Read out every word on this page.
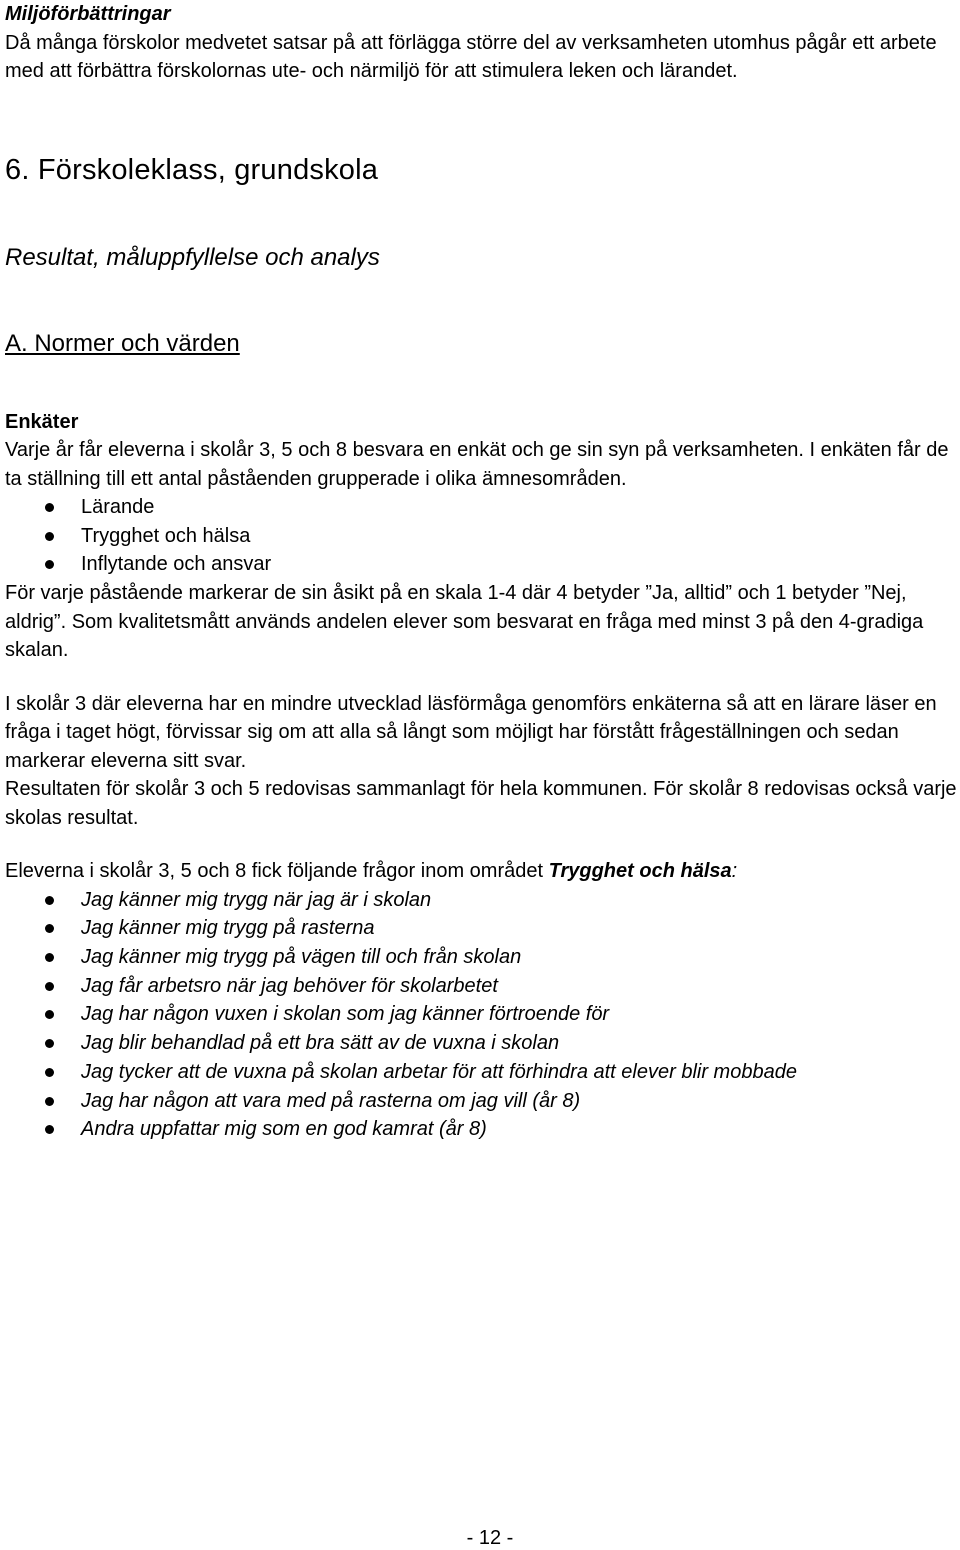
Miljöförbättringar
Då många förskolor medvetet satsar på att förlägga större del av verksamheten utomhus pågår ett arbete med att förbättra förskolornas ute- och närmiljö för att stimulera leken och lärandet.
6. Förskoleklass, grundskola
Resultat, måluppfyllelse och analys
A. Normer och värden
Enkäter
Varje år får eleverna i skolår 3, 5 och 8 besvara en enkät och ge sin syn på verksamheten. I enkäten får de ta ställning till ett antal påståenden grupperade i olika ämnesområden.
Lärande
Trygghet och hälsa
Inflytande och ansvar
För varje påstående markerar de sin åsikt på en skala 1-4 där 4 betyder ”Ja, alltid” och 1 betyder ”Nej, aldrig”. Som kvalitetsmått används andelen elever som besvarat en fråga med minst 3 på den 4-gradiga skalan.
I skolår 3 där eleverna har en mindre utvecklad läsförmåga genomförs enkäterna så att en lärare läser en fråga i taget högt, förvissar sig om att alla så långt som möjligt har förstått frågeställningen och sedan markerar eleverna sitt svar.
Resultaten för skolår 3 och 5 redovisas sammanlagt för hela kommunen. För skolår 8 redovisas också varje skolas resultat.
Eleverna i skolår 3, 5 och 8 fick följande frågor inom området Trygghet och hälsa:
Jag känner mig trygg när jag är i skolan
Jag känner mig trygg på rasterna
Jag känner mig trygg på vägen till och från skolan
Jag får arbetsro när jag behöver för skolarbetet
Jag har någon vuxen i skolan som jag känner förtroende för
Jag blir behandlad på ett bra sätt av de vuxna i skolan
Jag tycker att de vuxna på skolan arbetar för att förhindra att elever blir mobbade
Jag har någon att vara med på rasterna om jag vill (år 8)
Andra uppfattar mig som en god kamrat (år 8)
- 12 -
